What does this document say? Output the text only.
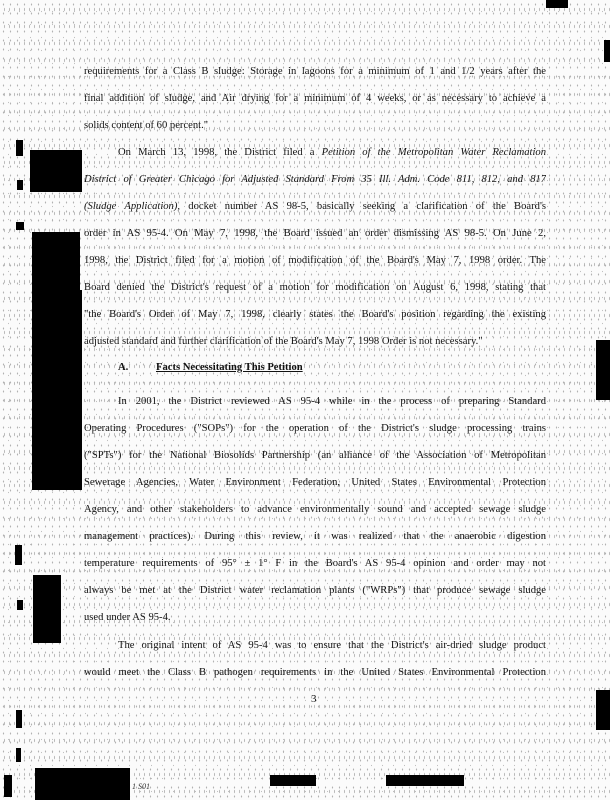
requirements for a Class B sludge: Storage in lagoons for a minimum of 1 and 1/2 years after the
final addition of sludge, and Air drying for a minimum of 4 weeks, or as necessary to achieve a
solids content of 60 percent."
On March 13, 1998, the District filed a Petition of the Metropolitan Water Reclamation
District of Greater Chicago for Adjusted Standard From 35 Ill. Adm. Code 811, 812, and 817
(Sludge Application), docket number AS 98-5, basically seeking a clarification of the Board's
order in AS 95-4. On May 7, 1998, the Board issued an order dismissing AS 98-5. On June 2,
1998, the District filed for a motion of modification of the Board's May 7, 1998 order. The
Board denied the District's request of a motion for modification on August 6, 1998, stating that
"the Board's Order of May 7, 1998, clearly states the Board's position regarding the existing
adjusted standard and further clarification of the Board's May 7, 1998 Order is not necessary."
A.	Facts Necessitating This Petition
In 2001, the District reviewed AS 95-4 while in the process of preparing Standard
Operating Procedures ("SOPs") for the operation of the District's sludge processing trains
("SPTs") for the National Biosolids Partnership (an alliance of the Association of Metropolitan
Sewerage Agencies, Water Environment Federation, United States Environmental Protection
Agency, and other stakeholders to advance environmentally sound and accepted sewage sludge
management practices). During this review, it was realized that the anaerobic digestion
temperature requirements of 95° ± 1° F in the Board's AS 95-4 opinion and order may not
always be met at the District water reclamation plants ("WRPs") that produce sewage sludge
used under AS 95-4.
The original intent of AS 95-4 was to ensure that the District's air-dried sludge product
would meet the Class B pathogen requirements in the United States Environmental Protection
3
1 S01
